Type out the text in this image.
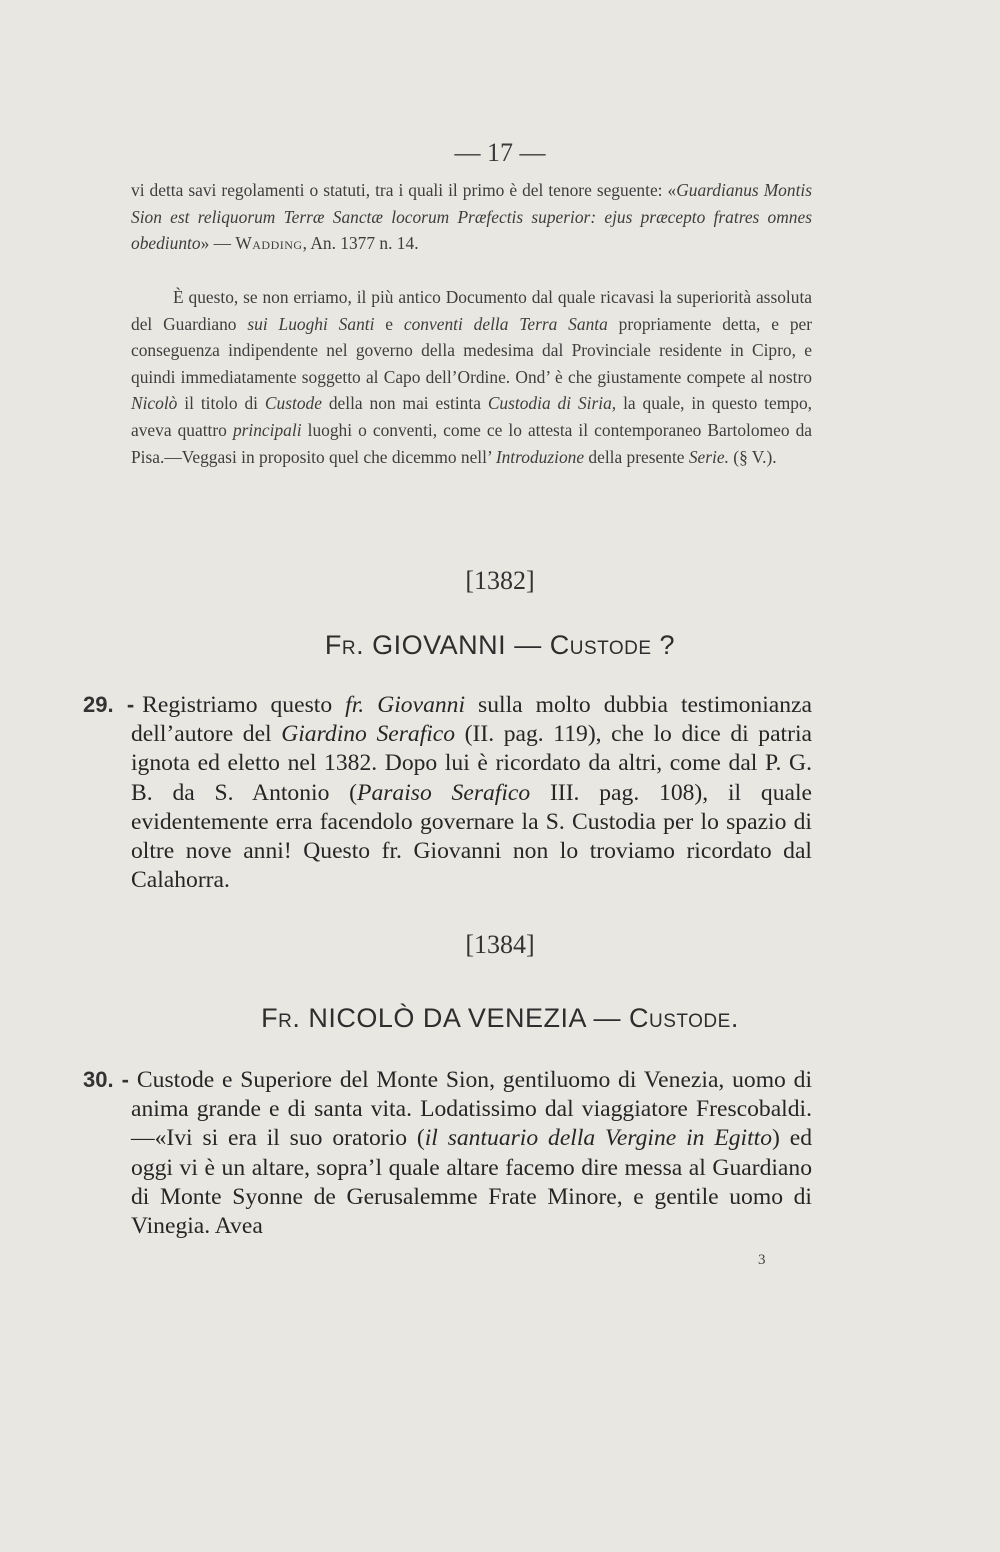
— 17 —

vi detta savi regolamenti o statuti, tra i quali il primo è del tenore seguente: «Guardianus Montis Sion est reliquorum Terræ Sanctæ locorum Præfectis superior: ejus præcepto fratres omnes obediunto» — Wadding, An. 1377 n. 14.

È questo, se non erriamo, il più antico Documento dal quale ricavasi la superiorità assoluta del Guardiano sui Luoghi Santi e conventi della Terra Santa propriamente detta, e per conseguenza indipendente nel governo della medesima dal Provinciale residente in Cipro, e quindi immediatamente soggetto al Capo dell’Ordine. Ond’ è che giustamente compete al nostro Nicolò il titolo di Custode della non mai estinta Custodia di Siria, la quale, in questo tempo, aveva quattro principali luoghi o conventi, come ce lo attesta il contemporaneo Bartolomeo da Pisa.—Veggasi in proposito quel che dicemmo nell’ Introduzione della presente Serie. (§ V.).

[1382]
Fr. GIOVANNI — Custode ?

29. - Registriamo questo fr. Giovanni sulla molto dubbia testimonianza dell’autore del Giardino Serafico (II. pag. 119), che lo dice di patria ignota ed eletto nel 1382. Dopo lui è ricordato da altri, come dal P. G. B. da S. Antonio (Paraiso Serafico III. pag. 108), il quale evidentemente erra facendolo governare la S. Custodia per lo spazio di oltre nove anni! Questo fr. Giovanni non lo troviamo ricordato dal Calahorra.

[1384]
Fr. NICOLÒ DA VENEZIA — Custode.

30. - Custode e Superiore del Monte Sion, gentiluomo di Venezia, uomo di anima grande e di santa vita. Lodatissimo dal viaggiatore Frescobaldi. —«Ivi si era il suo oratorio (il santuario della Vergine in Egitto) ed oggi vi è un altare, sopra’l quale altare facemo dire messa al Guardiano di Monte Syonne de Gerusalemme Frate Minore, e gentile uomo di Vinegia. Avea

3
